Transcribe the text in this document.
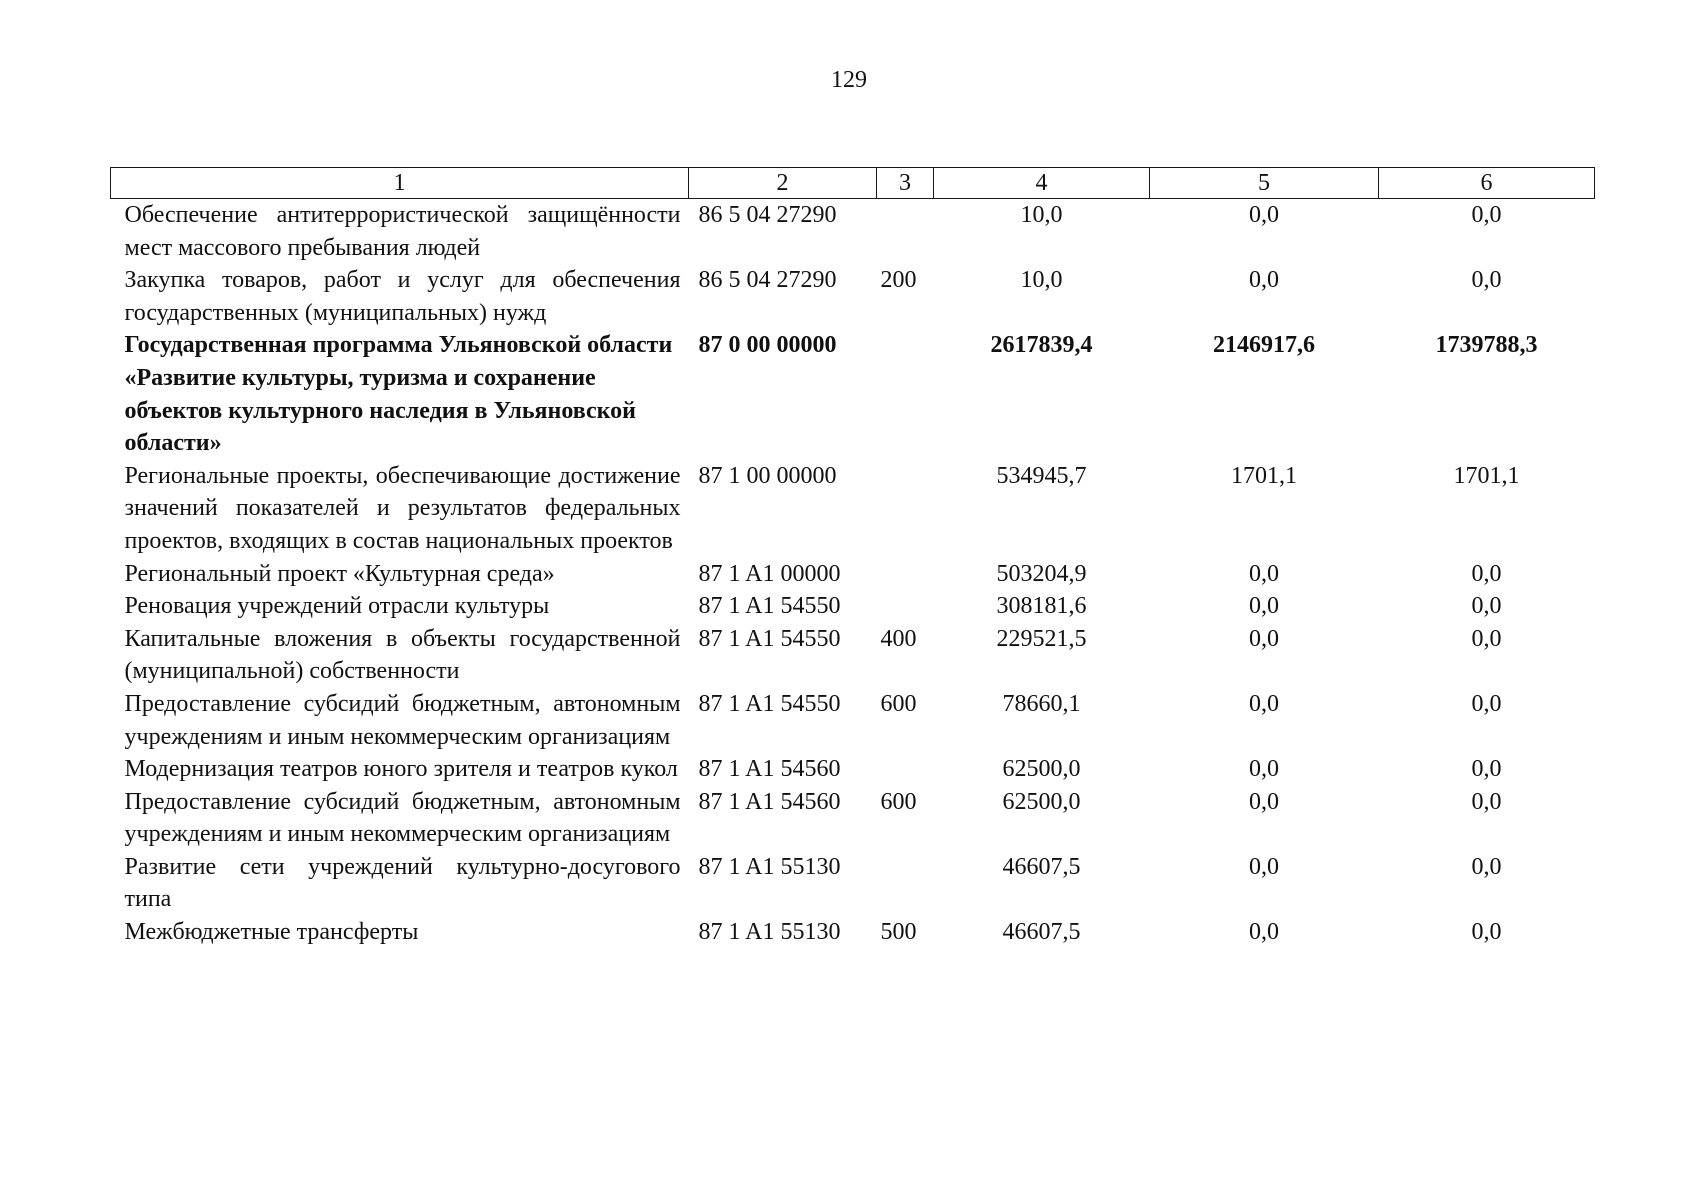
129
1	2	3	4	5	6
Обеспечение антитеррористической защищённости мест массового пребывания людей	86 5 04 27290		10,0	0,0	0,0
Закупка товаров, работ и услуг для обеспечения государственных (муниципальных) нужд	86 5 04 27290	200	10,0	0,0	0,0
Государственная программа Ульяновской области «Развитие культуры, туризма и сохранение объектов культурного наследия в Ульяновской области»	87 0 00 00000		2617839,4	2146917,6	1739788,3
Региональные проекты, обеспечивающие достижение значений показателей и результатов федеральных проектов, входящих в состав национальных проектов	87 1 00 00000		534945,7	1701,1	1701,1
Региональный проект «Культурная среда»	87 1 A1 00000		503204,9	0,0	0,0
Реновация учреждений отрасли культуры	87 1 A1 54550		308181,6	0,0	0,0
Капитальные вложения в объекты государственной (муниципальной) собственности	87 1 A1 54550	400	229521,5	0,0	0,0
Предоставление субсидий бюджетным, автономным учреждениям и иным некоммерческим организациям	87 1 A1 54550	600	78660,1	0,0	0,0
Модернизация театров юного зрителя и театров кукол	87 1 A1 54560		62500,0	0,0	0,0
Предоставление субсидий бюджетным, автономным учреждениям и иным некоммерческим организациям	87 1 A1 54560	600	62500,0	0,0	0,0
Развитие сети учреждений культурно-досугового типа	87 1 A1 55130		46607,5	0,0	0,0
Межбюджетные трансферты	87 1 A1 55130	500	46607,5	0,0	0,0
